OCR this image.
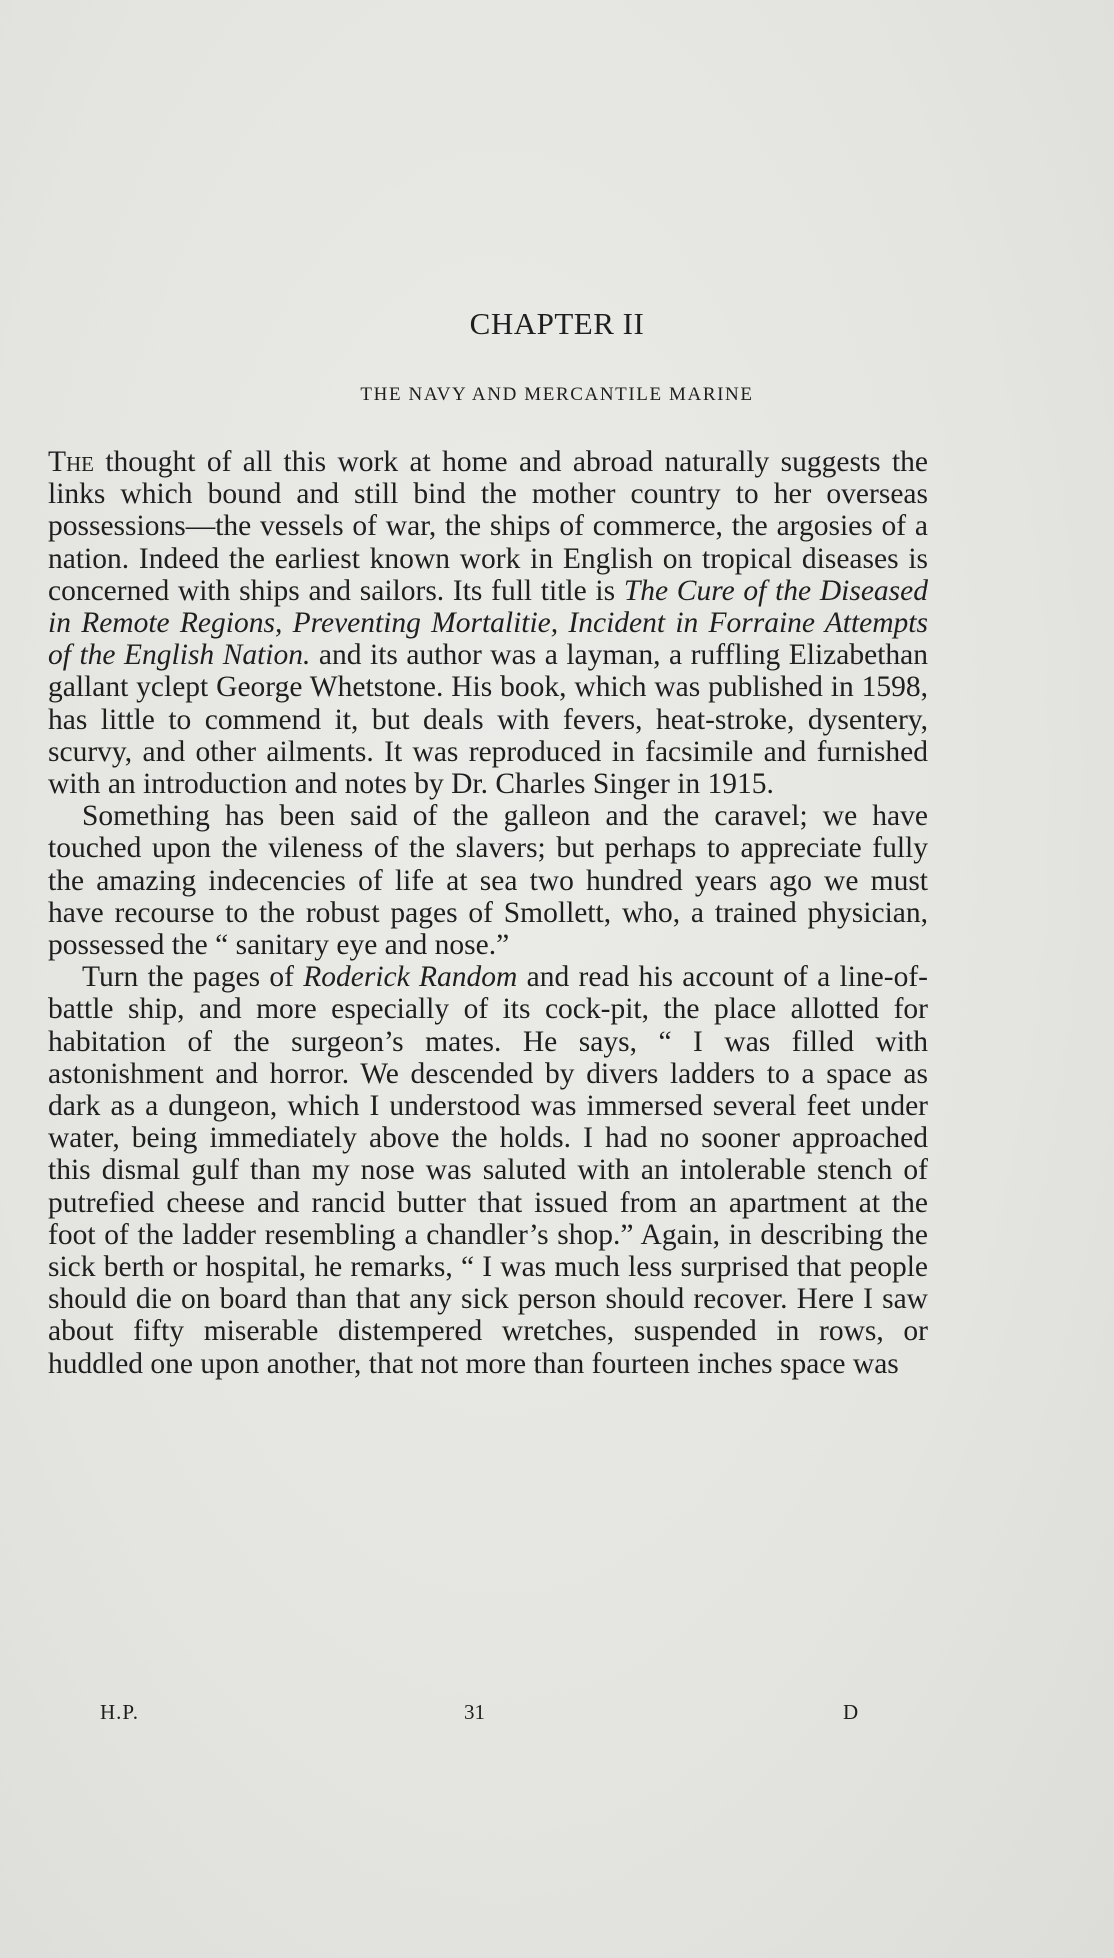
CHAPTER II
THE NAVY AND MERCANTILE MARINE

The thought of all this work at home and abroad naturally suggests the links which bound and still bind the mother country to her overseas possessions—the vessels of war, the ships of commerce, the argosies of a nation. Indeed the earliest known work in English on tropical diseases is concerned with ships and sailors. Its full title is The Cure of the Diseased in Remote Regions, Preventing Mortalitie, Incident in Forraine Attempts of the English Nation. and its author was a layman, a ruffling Elizabethan gallant yclept George Whetstone. His book, which was published in 1598, has little to commend it, but deals with fevers, heat-stroke, dysentery, scurvy, and other ailments. It was reproduced in facsimile and furnished with an introduction and notes by Dr. Charles Singer in 1915.

Something has been said of the galleon and the caravel; we have touched upon the vileness of the slavers; but perhaps to appreciate fully the amazing indecencies of life at sea two hundred years ago we must have recourse to the robust pages of Smollett, who, a trained physician, possessed the “ sanitary eye and nose.”

Turn the pages of Roderick Random and read his account of a line-of-battle ship, and more especially of its cock-pit, the place allotted for habitation of the surgeon’s mates. He says, “ I was filled with astonishment and horror. We descended by divers ladders to a space as dark as a dungeon, which I understood was immersed several feet under water, being immediately above the holds. I had no sooner approached this dismal gulf than my nose was saluted with an intolerable stench of putrefied cheese and rancid butter that issued from an apartment at the foot of the ladder resembling a chandler’s shop.” Again, in describing the sick berth or hospital, he remarks, “ I was much less surprised that people should die on board than that any sick person should recover. Here I saw about fifty miserable distempered wretches, suspended in rows, or huddled one upon another, that not more than fourteen inches space was

H.P.	31	D
